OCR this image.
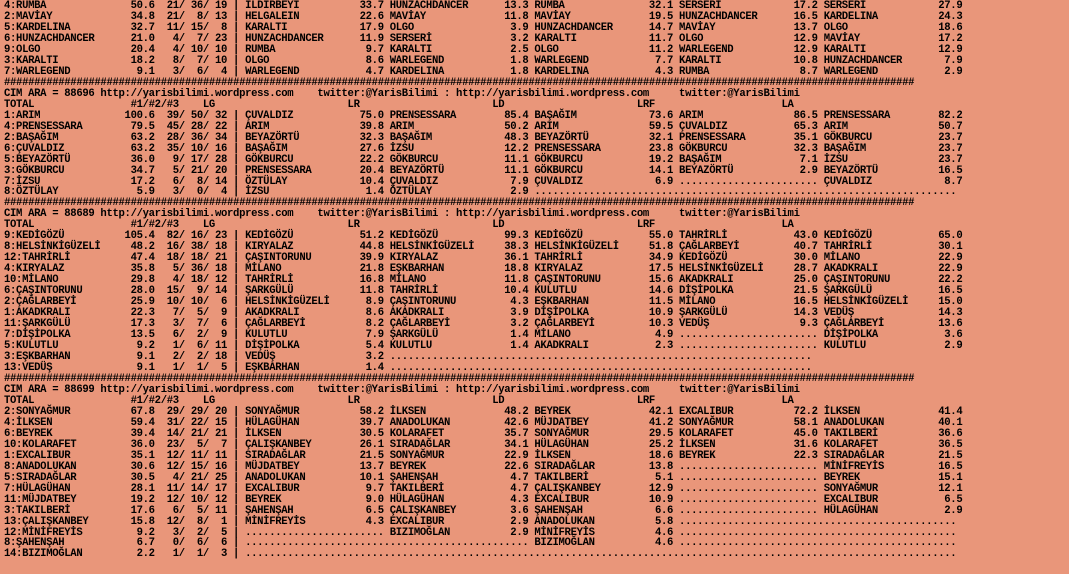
4:RUMBA              50.6  21/ 36/ 19 | ILDIRBEYI          33.7 HUNZACHDANCER      13.3 RUMBA              32.1 SERSERİ            17.2 SERSERİ            27.9
2:MAVİAY             34.8  21/  8/ 13 | HELGALEIN          22.6 MAVİAY             11.8 MAVİAY             19.5 HUNZACHDANCER      16.5 KARDELINA          24.3
5:KARDELINA          32.7  11/ 15/  8 | KARALTI            17.9 OLGO                3.9 HUNZACHDANCER      14.7 MAVİAY             13.7 OLGO               18.6
6:HUNZACHDANCER      21.0   4/  7/ 23 | HUNZACHDANCER      11.9 SERSERİ             3.2 KARALTI            11.7 OLGO               12.9 MAVİAY             17.2
9:OLGO               20.4   4/ 10/ 10 | RUMBA               9.7 KARALTI             2.5 OLGO               11.2 WARLEGEND          12.9 KARALTI            12.9
3:KARALTI            18.2   8/  7/ 10 | OLGO                8.6 WARLEGEND           1.8 WARLEGEND           7.7 KARALTI            10.8 HUNZACHDANCER       7.9
7:WARLEGEND           9.1   3/  6/  4 | WARLEGEND           4.7 KARDELINA           1.8 KARDELINA           4.3 RUMBA               8.7 WARLEGEND           2.9
#######################################################################################################################################################
CIM ARA = 88696 http://yarisbilimi.wordpress.com    twitter:@YarisBilimi : http://yarisbilimi.wordpress.com     twitter:@YarisBilimi
TOTAL                #1/#2/#3    LG                      LR                      LD                      LRF                     LA
1:ARIM              100.6  39/ 50/ 32 | ÇUVALDIZ           75.0 PRENSESSARA        85.4 BAŞAĞIM            73.6 ARIM               86.5 PRENSESSARA        82.2
4:PRENSESSARA        79.5  45/ 28/ 22 | ARIM               39.8 ARIM               50.2 ARIM               59.5 ÇUVALDIZ           65.3 ARIM               50.7
2:BAŞAĞIM            63.2  28/ 36/ 34 | BEYAZÖRTÜ          32.3 BAŞAĞIM            48.3 BEYAZÖRTÜ          32.1 PRENSESSARA        35.1 GÖKBURCU           23.7
6:ÇUVALDIZ           63.2  35/ 10/ 16 | BAŞAĞIM            27.6 İZSU               12.2 PRENSESSARA        23.8 GÖKBURCU           32.3 BAŞAĞIM            23.7
5:BEYAZÖRTÜ          36.0   9/ 17/ 28 | GÖKBURCU           22.2 GÖKBURCU           11.1 GÖKBURCU           19.2 BAŞAĞIM             7.1 İZSU               23.7
3:GÖKBURCU           34.7   5/ 21/ 20 | PRENSESSARA        20.4 BEYAZÖRTÜ          11.1 GÖKBURCU           14.1 BEYAZÖRTÜ           2.9 BEYAZÖRTÜ          16.5
7:İZSU               17.2   6/  8/ 14 | ÖZTÜLAY            10.4 ÇUVALDIZ            7.9 ÇUVALDIZ            6.9 ....................... ÇUVALDIZ            8.7
8:ÖZTÜLAY             5.9   3/  0/  4 | İZSU                1.4 ÖZTÜLAY             2.9 ......................................................................
#######################################################################################################################################################
CIM ARA = 88689 http://yarisbilimi.wordpress.com    twitter:@YarisBilimi : http://yarisbilimi.wordpress.com     twitter:@YarisBilimi
TOTAL                #1/#2/#3    LG                      LR                      LD                      LRF                     LA
9:KEDİGÖZÜ          105.4  82/ 16/ 23 | KEDİGÖZÜ           51.2 KEDİGÖZÜ           99.3 KEDİGÖZÜ           55.0 TAHRİRLİ           43.0 KEDİGÖZÜ           65.0
8:HELSİNKİGÜZELİ     48.2  16/ 38/ 18 | KIRYALAZ           44.8 HELSİNKİGÜZELİ     38.3 HELSİNKİGÜZELİ     51.8 ÇAĞLARBEYİ         40.7 TAHRİRLİ           30.1
12:TAHRİRLİ          47.4  18/ 18/ 21 | ÇAŞINTORUNU        39.9 KIRYALAZ           36.1 TAHRİRLİ           34.9 KEDİGÖZÜ           30.0 MİLANO             22.9
4:KIRYALAZ           35.8   5/ 36/ 18 | MİLANO             21.8 EŞKBARHAN          18.8 KIRYALAZ           17.5 HELSİNKİGÜZELİ     28.7 AKADKRALI          22.9
10:MİLANO            29.8   4/ 18/ 12 | TAHRİRLİ           16.8 MİLANO             11.8 ÇAŞINTORUNU        15.6 AKADKRALI          25.0 ÇAŞINTORUNU        22.2
6:ÇAŞINTORUNU        28.0  15/  9/ 14 | ŞARKGÜLÜ           11.8 TAHRİRLİ           10.4 KULUTLU            14.6 DİŞİPOLKA          21.5 ŞARKGÜLÜ           16.5
2:ÇAĞLARBEYİ         25.9  10/ 10/  6 | HELSİNKİGÜZELİ      8.9 ÇAŞINTORUNU         4.3 EŞKBARHAN          11.5 MİLANO             16.5 HELSİNKİGÜZELİ     15.0
1:AKADKRALI          22.3   7/  5/  9 | AKADKRALI           8.6 AKADKRALI           3.9 DİŞİPOLKA          10.9 ŞARKGÜLÜ           14.3 VEDÜŞ              14.3
11:ŞARKGÜLÜ          17.3   3/  7/  6 | ÇAĞLARBEYİ          8.2 ÇAĞLARBEYİ          3.2 ÇAĞLARBEYİ         10.3 VEDÜŞ               9.3 ÇAĞLARBEYİ         13.6
7:DİŞİPOLKA          13.5   6/  2/  9 | KULUTLU             7.9 ŞARKGÜLÜ            1.4 MİLANO              4.9 ....................... DİŞİPOLKA           3.6
5:KULUTLU             9.2   1/  6/ 11 | DİŞİPOLKA           5.4 KULUTLU             1.4 AKADKRALI           2.3 ....................... KULUTLU             2.9
3:EŞKBARHAN           9.1   2/  2/ 18 | VEDÜŞ               3.2 ......................................................................
13:VEDÜŞ              9.1   1/  1/  5 | EŞKBARHAN           1.4 ......................................................................
#######################################################################################################################################################
CIM ARA = 88699 http://yarisbilimi.wordpress.com    twitter:@YarisBilimi : http://yarisbilimi.wordpress.com     twitter:@YarisBilimi
TOTAL                #1/#2/#3    LG                      LR                      LD                      LRF                     LA
2:SONYAĞMUR          67.8  29/ 29/ 20 | SONYAĞMUR          58.2 İLKSEN             48.2 BEYREK             42.1 EXCALIBUR          72.2 İLKSEN             41.4
4:İLKSEN             59.4  31/ 22/ 15 | HÜLAGÜHAN          39.7 ANADOLUKAN         42.6 MÜJDATBEY          41.2 SONYAĞMUR          58.1 ANADOLUKAN         40.1
6:BEYREK             39.4  14/ 21/ 21 | İLKSEN             30.5 KOLARAFET          35.7 SONYAĞMUR          29.5 KOLARAFET          45.0 TAKILBERİ          36.6
10:KOLARAFET         36.0  23/  5/  7 | ÇALIŞKANBEY        26.1 SIRADAĞLAR         34.1 HÜLAGÜHAN          25.2 İLKSEN             31.6 KOLARAFET          36.5
1:EXCALIBUR          35.1  12/ 11/ 11 | SIRADAĞLAR         21.5 SONYAĞMUR          22.9 İLKSEN             18.6 BEYREK             22.3 SIRADAĞLAR         21.5
8:ANADOLUKAN         30.6  12/ 15/ 16 | MÜJDATBEY          13.7 BEYREK             22.6 SIRADAĞLAR         13.8 ....................... MİNİFREYİS         16.5
5:SIRADAĞLAR         30.5   4/ 21/ 25 | ANADOLUKAN         10.1 ŞAHENŞAH            4.7 TAKILBERİ           5.1 ....................... BEYREK             15.1
7:HÜLAGÜHAN          28.1  11/ 14/ 17 | EXCALIBUR           9.7 TAKILBERİ           4.7 ÇALIŞKANBEY        12.9 ....................... SONYAĞMUR          12.1
11:MÜJDATBEY         19.2  12/ 10/ 12 | BEYREK              9.0 HÜLAGÜHAN           4.3 EXCALIBUR          10.9 ....................... EXCALIBUR           6.5
3:TAKILBERİ          17.6   6/  5/ 11 | ŞAHENŞAH            6.5 ÇALIŞKANBEY         3.6 ŞAHENŞAH            6.6 ....................... HÜLAGÜHAN           2.9
13:ÇALIŞKANBEY       15.8  12/  8/  1 | MİNİFREYİS          4.3 EXCALIBUR           2.9 ANADOLUKAN          5.8 ..............................................
12:MİNİFREYİS         9.2   3/  2/  5 | ....................... BIZIMOĞLAN          2.9 MİNİFREYİS          4.6 ..............................................
8:ŞAHENŞAH            6.7   0/  6/  6 | ............................................... BIZIMOĞLAN          4.6 ..............................................
14:BIZIMOĞLAN         2.2   1/  1/  3 | ......................................................................................................................
